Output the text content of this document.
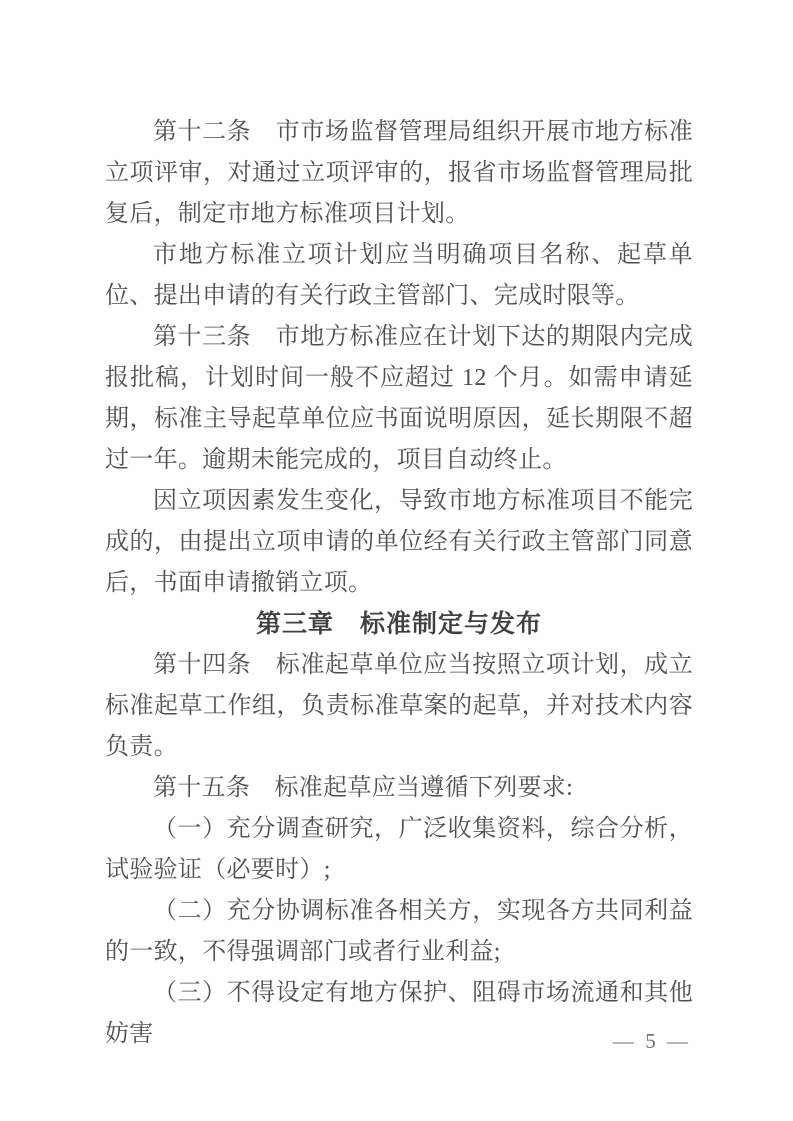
第十二条　市市场监督管理局组织开展市地方标准立项评审，对通过立项评审的，报省市场监督管理局批复后，制定市地方标准项目计划。

市地方标准立项计划应当明确项目名称、起草单位、提出申请的有关行政主管部门、完成时限等。

第十三条　市地方标准应在计划下达的期限内完成报批稿，计划时间一般不应超过 12 个月。如需申请延期，标准主导起草单位应书面说明原因，延长期限不超过一年。逾期未能完成的，项目自动终止。

因立项因素发生变化，导致市地方标准项目不能完成的，由提出立项申请的单位经有关行政主管部门同意后，书面申请撤销立项。

第三章　标准制定与发布

第十四条　标准起草单位应当按照立项计划，成立标准起草工作组，负责标准草案的起草，并对技术内容负责。

第十五条　标准起草应当遵循下列要求:

（一）充分调查研究，广泛收集资料，综合分析，试验验证（必要时）;

（二）充分协调标准各相关方，实现各方共同利益的一致，不得强调部门或者行业利益;

（三）不得设定有地方保护、阻碍市场流通和其他妨害	— 5 —
